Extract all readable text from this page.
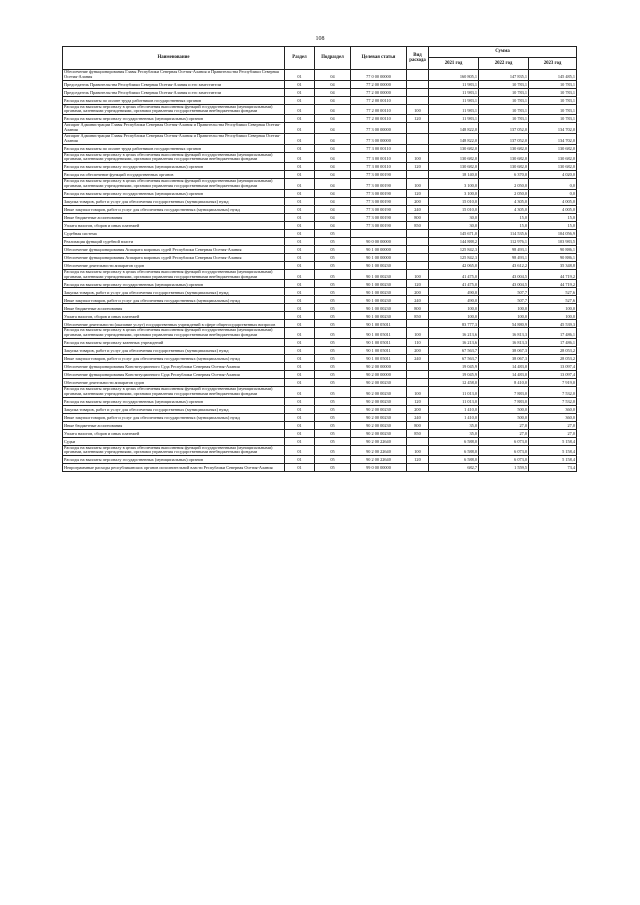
108
Наименование	Раздел	Подраздел	Целевая статья	Вид расхода	Сумма		
					2021 год	2022 год	2023 год
Обеспечение функционирования Главы Республики Северная Осетия-Алания и Правительства Республики Северная Осетия-Алания	01	04	77 0 00 00000		160 805,1	147 835,1	145 485,1
Председатель Правительства Республики Северная Осетия-Алания и его заместители	01	04	77 2 00 00000		11 983,1	10 783,1	10 783,1
Председатель Правительства Республики Северная Осетия-Алания и его заместители	01	04	77 2 00 00000		11 983,1	10 783,1	10 783,1
Расходы на выплаты по оплате труда работников государственных органов	01	04	77 2 00 00110		11 983,1	10 783,1	10 783,1
Расходы на выплаты персоналу в целях обеспечения выполнения функций государственными (муниципальными) органами, казенными учреждениями, органами управления государственными внебюджетными фондами	01	04	77 2 00 00110	100	11 983,1	10 783,1	10 783,1
Расходы на выплаты персоналу государственных (муниципальных) органов	01	04	77 2 00 00110	120	11 983,1	10 783,1	10 783,1
Аппарат Администрации Главы Республики Северная Осетия-Алания и Правительства Республики Северная Осетия-Алания	01	04	77 3 00 00000		148 822,0	137 052,0	134 702,0
Аппарат Администрации Главы Республики Северная Осетия-Алания и Правительства Республики Северная Осетия-Алания	01	04	77 3 00 00000		148 822,0	137 052,0	134 702,0
Расходы на выплаты по оплате труда работников государственных органов	01	04	77 3 00 00110		130 682,0	130 682,0	130 682,0
Расходы на выплаты персоналу в целях обеспечения выполнения функций государственными (муниципальными) органами, казенными учреждениями, органами управления государственными внебюджетными фондами	01	04	77 3 00 00110	100	130 682,0	130 682,0	130 682,0
Расходы на выплаты персоналу государственных (муниципальных) органов	01	04	77 3 00 00110	120	130 682,0	130 682,0	130 682,0
Расходы на обеспечение функций государственных органов	01	04	77 3 00 00190		18 140,0	6 370,0	4 020,0
Расходы на выплаты персоналу в целях обеспечения выполнения функций государственными (муниципальными) органами, казенными учреждениями, органами управления государственными внебюджетными фондами	01	04	77 3 00 00190	100	3 100,0	2 050,0	0,0
Расходы на выплаты персоналу государственных (муниципальных) органов	01	04	77 3 00 00190	120	3 100,0	2 050,0	0,0
Закупка товаров, работ и услуг для обеспечения государственных (муниципальных) нужд	01	04	77 3 00 00190	200	15 010,0	4 305,0	4 005,0
Иные закупки товаров, работ и услуг для обеспечения государственных (муниципальных) нужд	01	04	77 3 00 00190	240	15 010,0	4 305,0	4 005,0
Иные бюджетные ассигнования	01	04	77 3 00 00190	800	30,0	15,0	15,0
Уплата налогов, сборов и иных платежей	01	04	77 3 00 00190	850	30,0	15,0	15,0
Судебная система	01	05			145 671,0	114 535,6	104 056,9
Реализация функций судебной власти	01	05	90 0 00 00000		144 888,2	112 976,1	103 983,5
Обеспечение функционирования Аппарата мировых судей Республики Северная Осетия-Алания	01	05	90 1 00 00000		125 842,3	98 493,1	90 886,1
Обеспечение функционирования Аппарата мировых судей Республики Северная Осетия-Алания	01	05	90 1 00 00000		125 842,3	98 493,1	90 886,1
Обеспечение деятельности аппаратов судов	01	05	90 1 00 00230		42 065,0	43 612,2	35 348,8
Расходы на выплаты персоналу в целях обеспечения выполнения функций государственными (муниципальными) органами, казенными учреждениями, органами управления государственными внебюджетными фондами	01	05	90 1 00 00230	100	41 475,0	43 004,5	44 719,2
Расходы на выплаты персоналу государственных (муниципальных) органов	01	05	90 1 00 00230	120	41 475,0	43 004,5	44 719,2
Закупка товаров, работ и услуг для обеспечения государственных (муниципальных) нужд	01	05	90 1 00 00230	200	490,0	507,7	527,6
Иные закупки товаров, работ и услуг для обеспечения государственных (муниципальных) нужд	01	05	90 1 00 00230	240	490,0	507,7	527,6
Иные бюджетные ассигнования	01	05	90 1 00 00230	800	100,0	100,0	100,0
Уплата налогов, сборов и иных платежей	01	05	90 1 00 00230	850	100,0	100,0	100,0
Обеспечение деятельности (оказание услуг) государственных учреждений в сфере общегосударственных вопросов	01	05	90 1 00 05011		83 777,3	54 880,9	45 539,3
Расходы на выплаты персоналу в целях обеспечения выполнения функций государственными (муниципальными) органами, казенными учреждениями, органами управления государственными внебюджетными фондами	01	05	90 1 00 05011	100	16 213,6	16 813,3	17 486,1
Расходы на выплаты персоналу казенных учреждений	01	05	90 1 00 05011	110	16 213,6	16 813,3	17 486,1
Закупка товаров, работ и услуг для обеспечения государственных (муниципальных) нужд	01	05	90 1 00 05011	200	67 563,7	38 067,3	28 053,2
Иные закупки товаров, работ и услуг для обеспечения государственных (муниципальных) нужд	01	05	90 1 00 05011	240	67 563,7	38 067,3	28 053,2
Обеспечение функционирования Конституционного Суда Республики Северная Осетия-Алания	01	05	90 2 00 00000		19 045,9	14 483,0	13 097,4
Обеспечение функционирования Конституционного Суда Республики Северная Осетия-Алания	01	05	90 2 00 00000		19 045,9	14 483,0	13 097,4
Обеспечение деятельности аппаратов судов	01	05	90 2 00 00230		12 458,0	8 410,0	7 919,0
Расходы на выплаты персоналу в целях обеспечения выполнения функций государственными (муниципальными) органами, казенными учреждениями, органами управления государственными внебюджетными фондами	01	05	90 2 00 00230	100	11 013,0	7 883,0	7 532,0
Расходы на выплаты персоналу государственных (муниципальных) органов	01	05	90 2 00 00230	120	11 013,0	7 883,0	7 532,0
Закупка товаров, работ и услуг для обеспечения государственных (муниципальных) нужд	01	05	90 2 00 00230	200	1 410,0	500,0	360,0
Иные закупки товаров, работ и услуг для обеспечения государственных (муниципальных) нужд	01	05	90 2 00 00230	240	1 410,0	500,0	360,0
Иные бюджетные ассигнования	01	05	90 2 00 00230	800	35,0	27,0	27,0
Уплата налогов, сборов и иных платежей	01	05	90 2 00 00230	850	35,0	27,0	27,0
Судьи	01	05	90 2 00 22640		6 588,0	6 073,0	5 158,4
Расходы на выплаты персоналу в целях обеспечения выполнения функций государственными (муниципальными) органами, казенными учреждениями, органами управления государственными внебюджетными фондами	01	05	90 2 00 22640	100	6 588,0	6 073,0	5 158,4
Расходы на выплаты персоналу государственных (муниципальных) органов	01	05	90 2 00 22640	120	6 588,0	6 073,0	5 158,4
Непрограммные расходы республиканских органов исполнительной власти Республики Северная Осетия-Алания	01	05	99 0 00 00000		682,7	1 559,5	73,4
